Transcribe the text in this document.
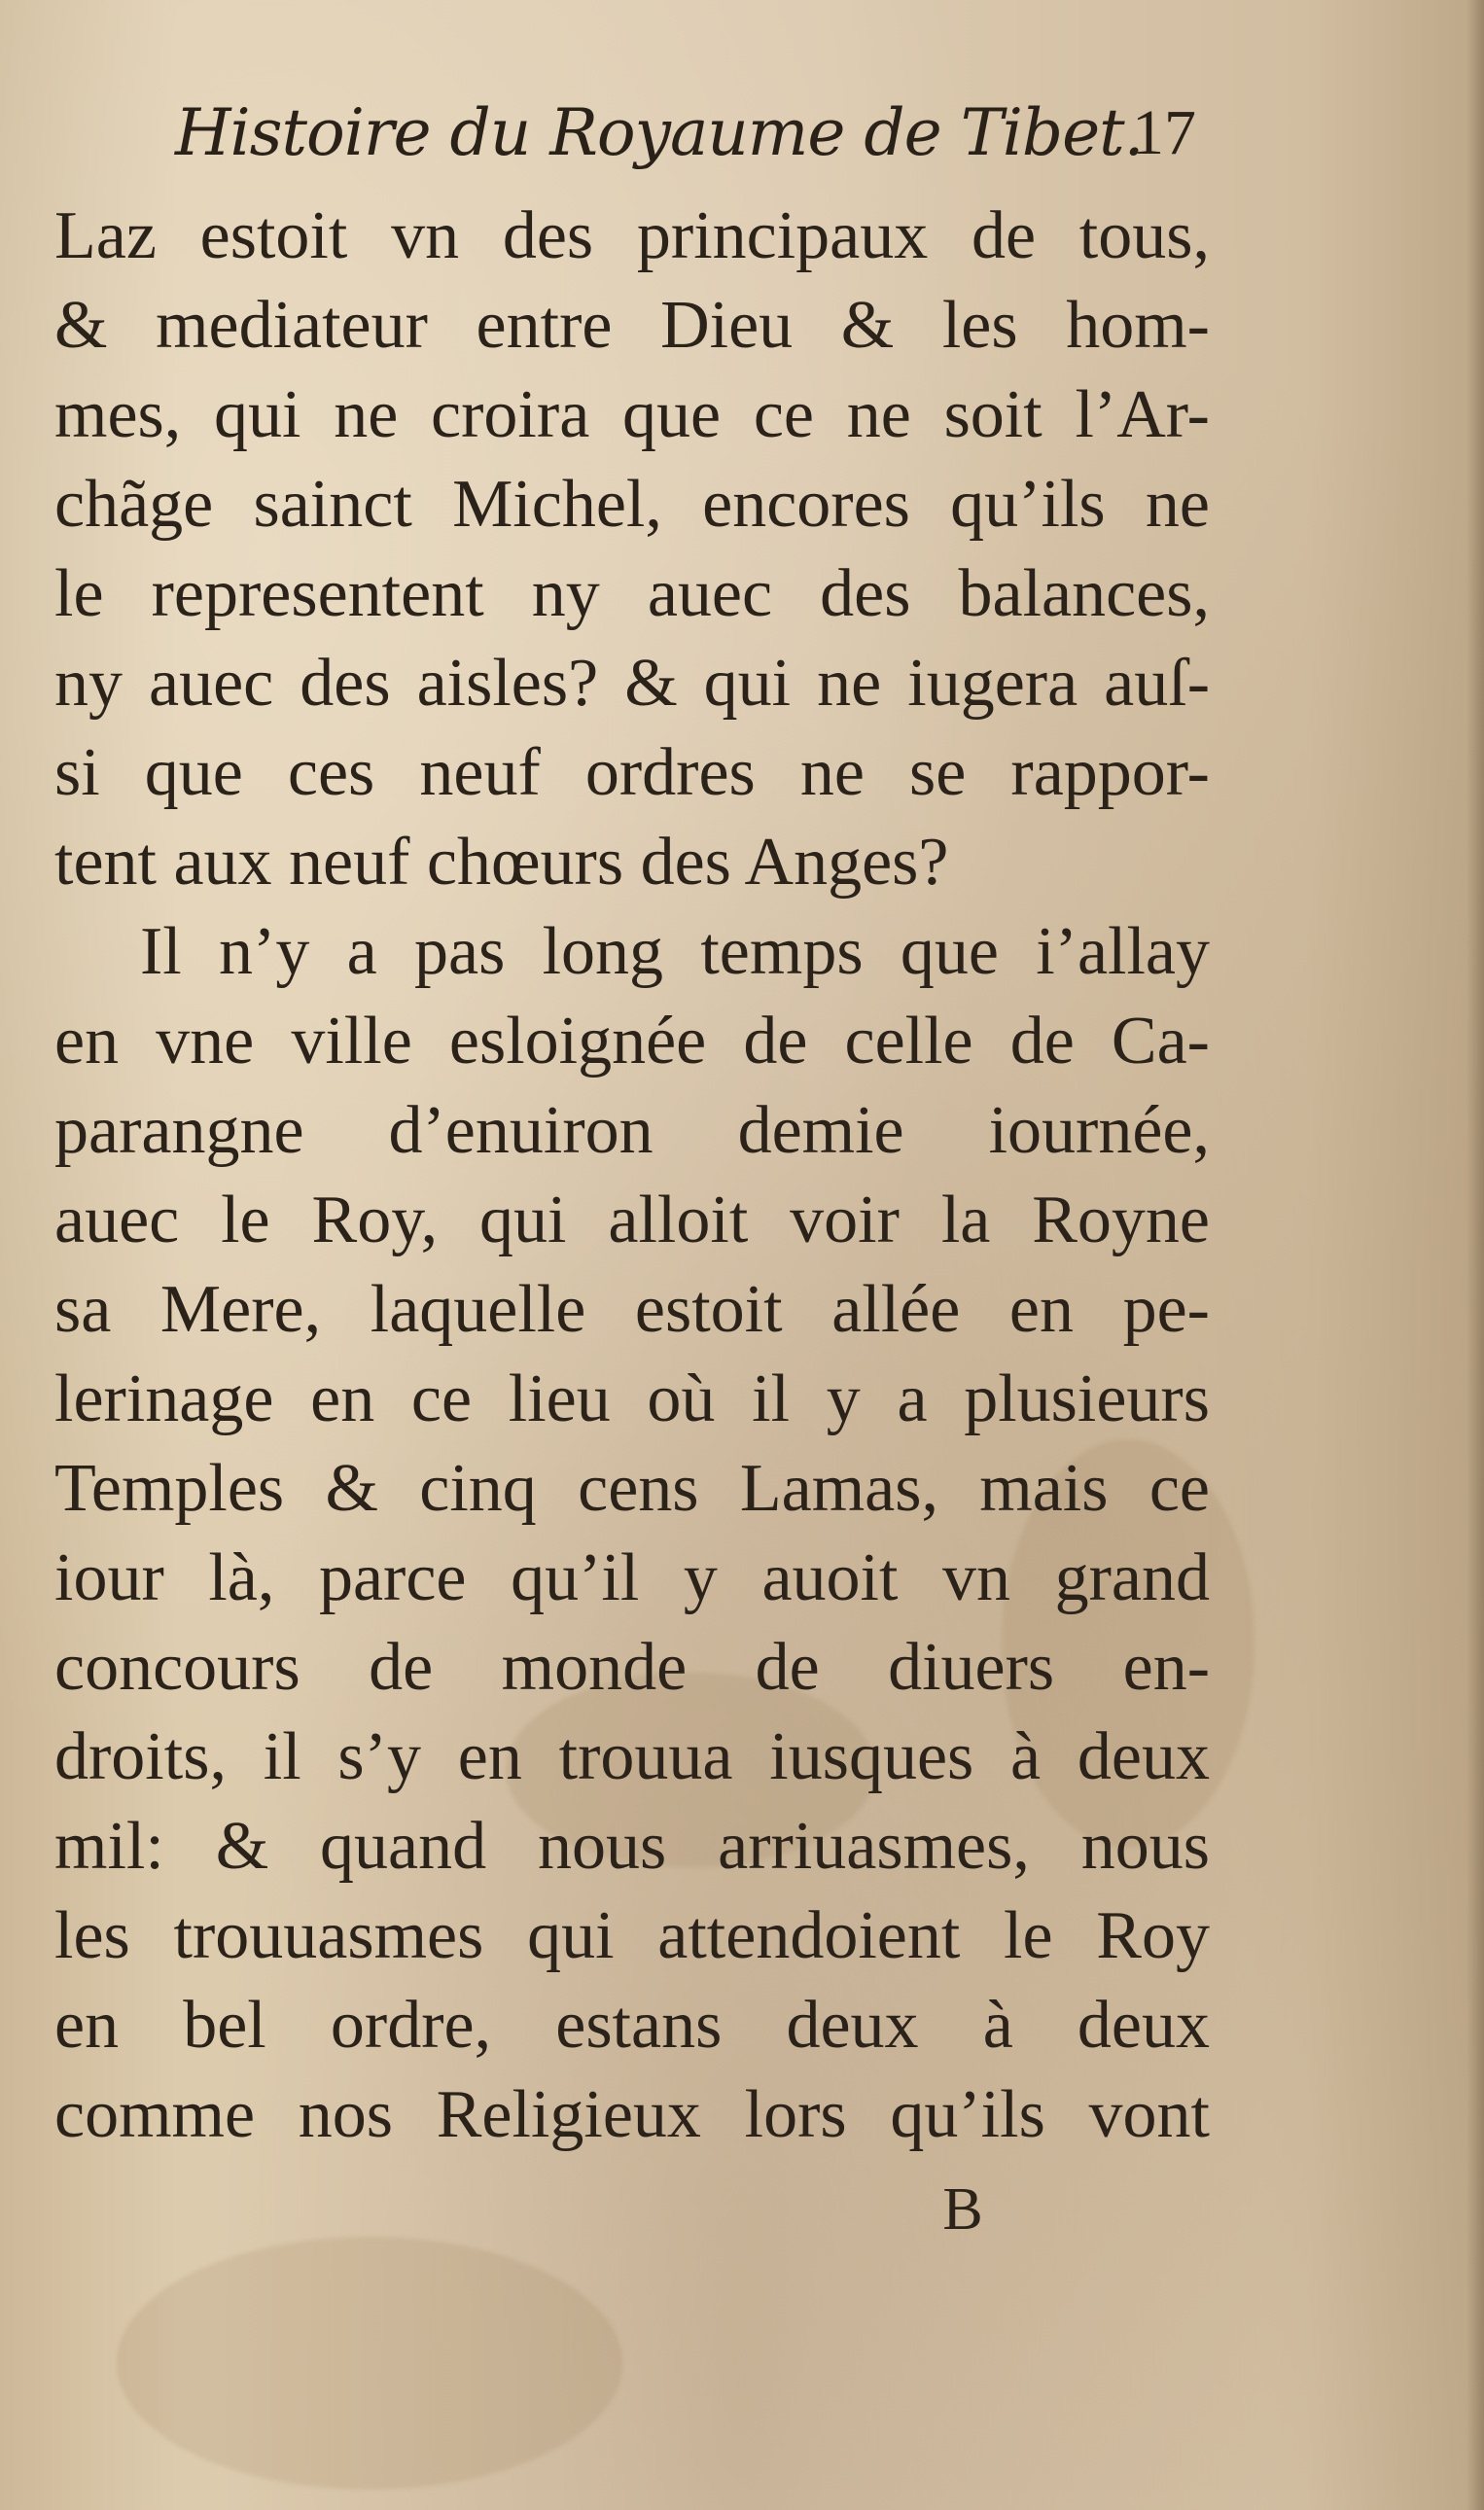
Histoire du Royaume de Tibet.
17
Laz estoit vn des principaux de tous,
& mediateur entre Dieu & les hom-
mes, qui ne croira que ce ne soit l’Ar-
chãge sainct Michel, encores qu’ils ne
le representent ny auec des balances,
ny auec des aisles? & qui ne iugera auſ-
si que ces neuf ordres ne se rappor-
tent aux neuf chœurs des Anges?
Il n’y a pas long temps que i’allay
en vne ville esloignée de celle de Ca-
parangne d’enuiron demie iournée,
auec le Roy, qui alloit voir la Royne
sa Mere, laquelle estoit allée en pe-
lerinage en ce lieu où il y a plusieurs
Temples & cinq cens Lamas, mais ce
iour là, parce qu’il y auoit vn grand
concours de monde de diuers en-
droits, il s’y en trouua iusques à deux
mil: & quand nous arriuasmes, nous
les trouuasmes qui attendoient le Roy
en bel ordre, estans deux à deux
comme nos Religieux lors qu’ils vont
B
